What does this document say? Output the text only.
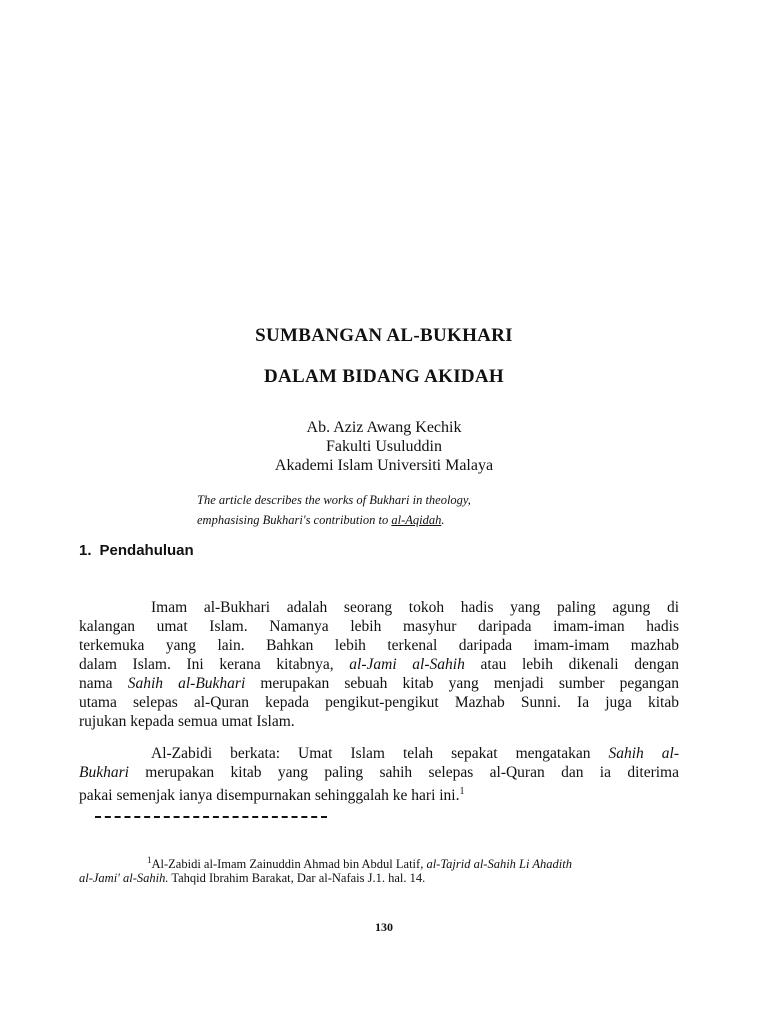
SUMBANGAN AL-BUKHARI
DALAM BIDANG AKIDAH
Ab. Aziz Awang Kechik
Fakulti Usuluddin
Akademi Islam Universiti Malaya
The article describes the works of Bukhari in theology,
emphasising Bukhari's contribution to al-Aqidah.
1. Pendahuluan
Imam al-Bukhari adalah seorang tokoh hadis yang paling agung di
kalangan umat Islam. Namanya lebih masyhur daripada imam-iman hadis
terkemuka yang lain. Bahkan lebih terkenal daripada imam-imam mazhab
dalam Islam. Ini kerana kitabnya, al-Jami al-Sahih atau lebih dikenali dengan
nama Sahih al-Bukhari merupakan sebuah kitab yang menjadi sumber pegangan
utama selepas al-Quran kepada pengikut-pengikut Mazhab Sunni. Ia juga kitab
rujukan kepada semua umat Islam.
Al-Zabidi berkata: Umat Islam telah sepakat mengatakan Sahih al-
Bukhari merupakan kitab yang paling sahih selepas al-Quran dan ia diterima
pakai semenjak ianya disempurnakan sehinggalah ke hari ini.$^1$
$^1$Al-Zabidi al-Imam Zainuddin Ahmad bin Abdul Latif, al-Tajrid al-Sahih Li Ahadith
al-Jami' al-Sahih. Tahqid Ibrahim Barakat, Dar al-Nafais J.1. hal. 14.
130
